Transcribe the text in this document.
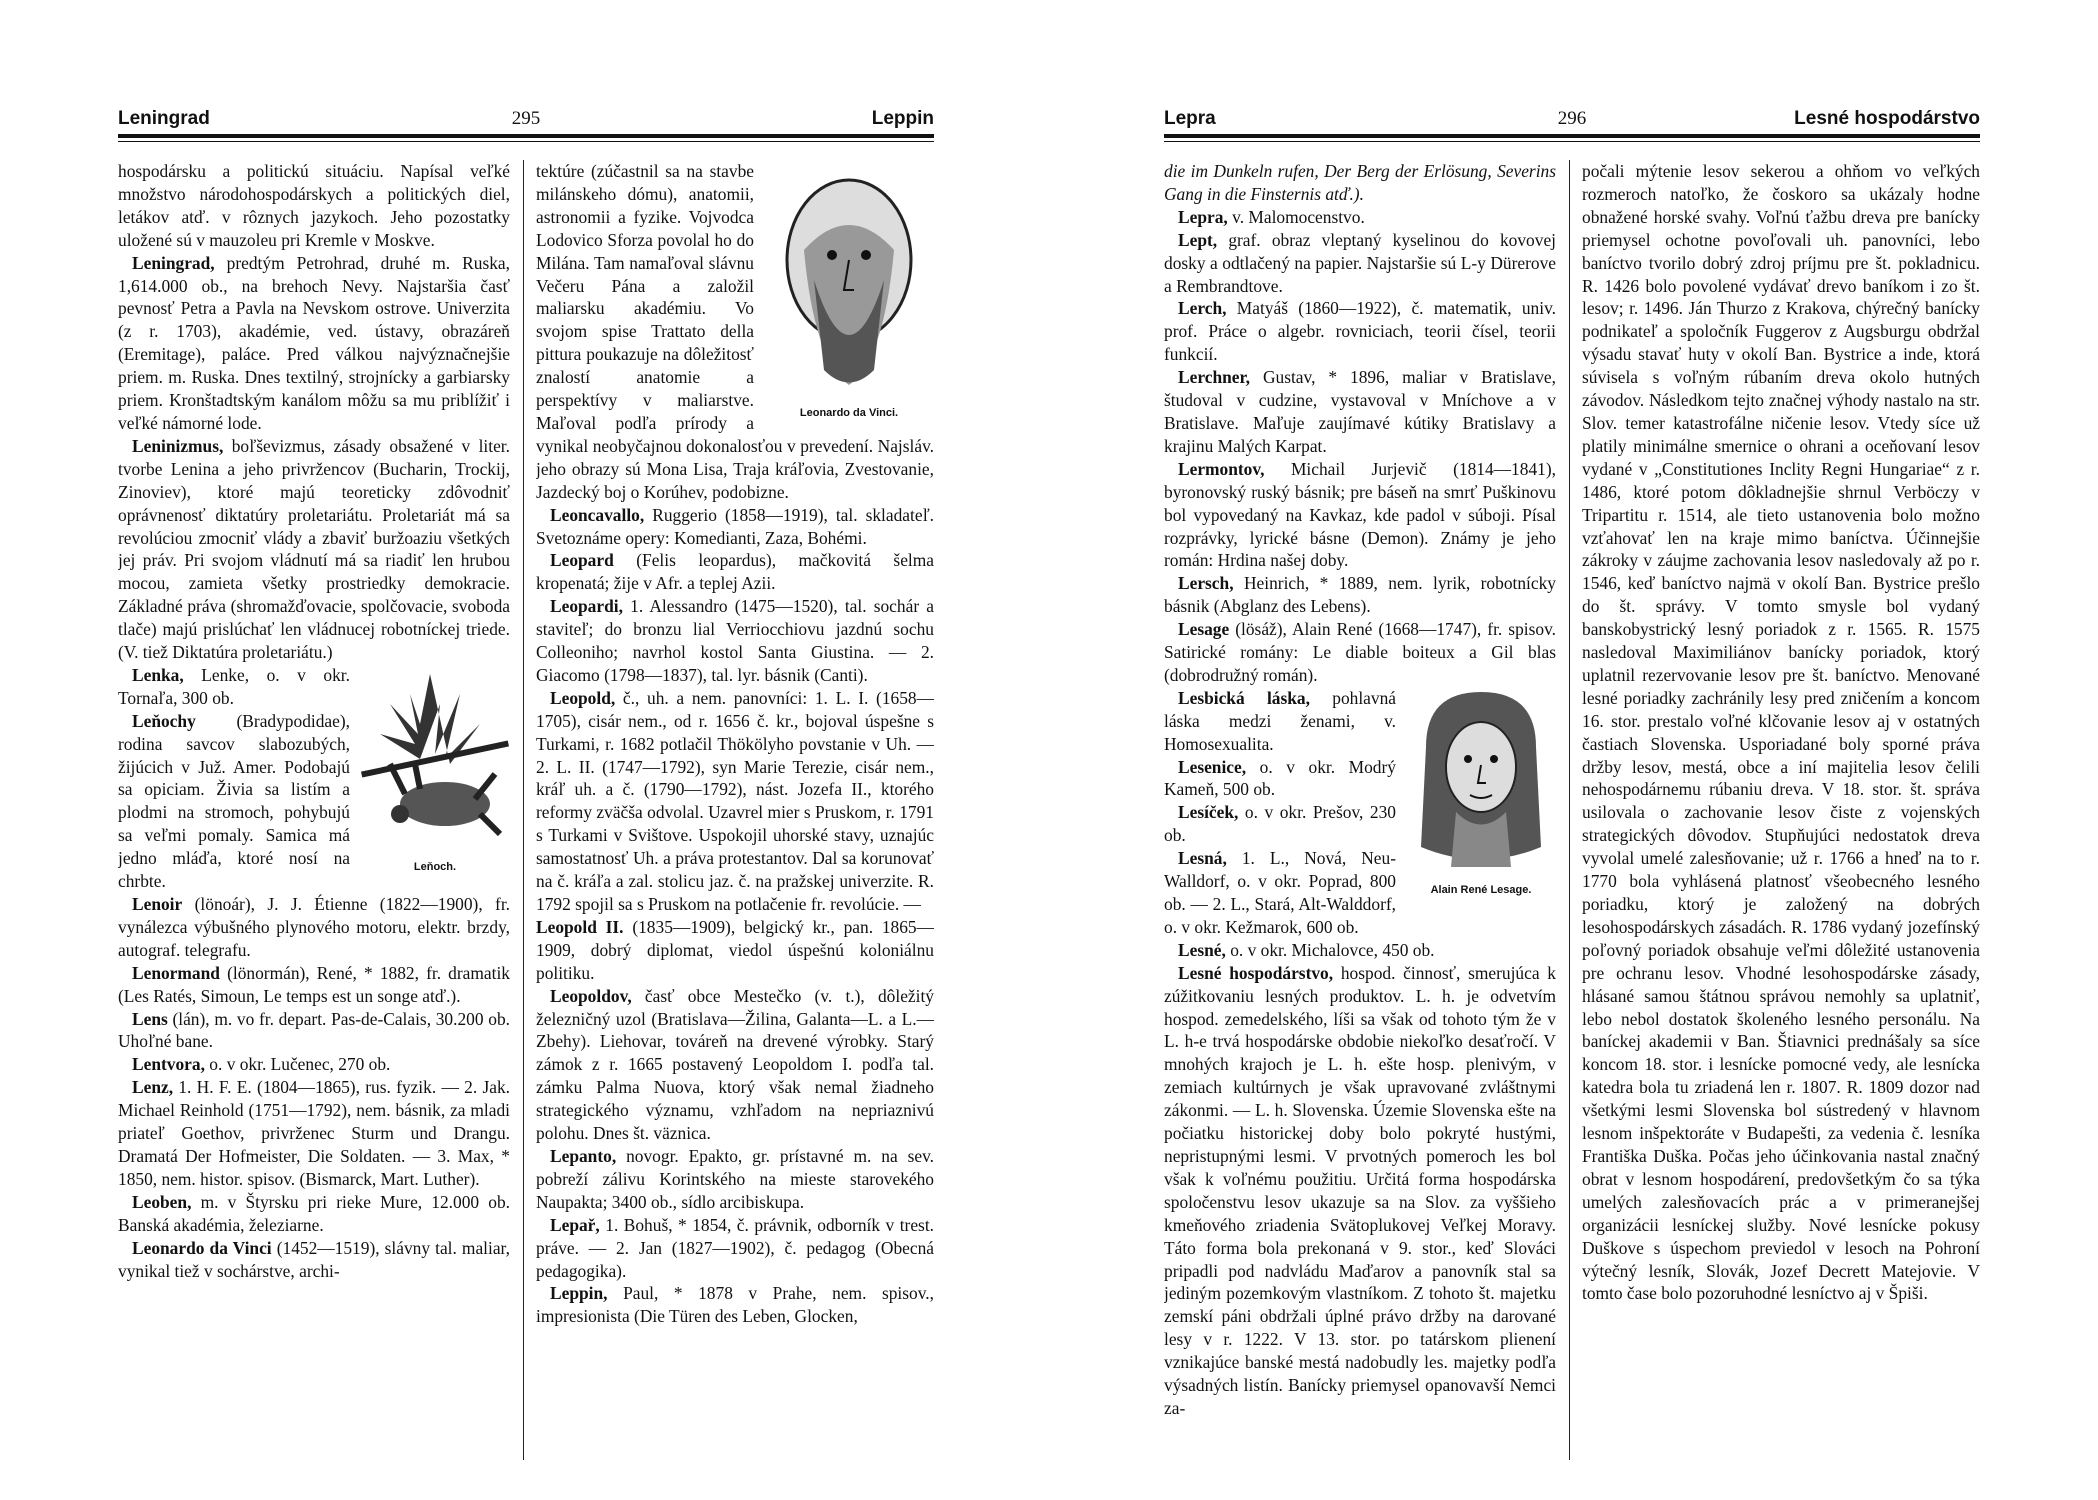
Leningrad	295	Leppin

hospodársku a politickú situáciu. Napísal veľké množstvo národohospodárskych a politických diel, letákov atď. v rôznych jazykoch. Jeho pozostatky uložené sú v mauzoleu pri Kremle v Moskve.

Leningrad, predtým Petrohrad, druhé m. Ruska, 1,614.000 ob., na brehoch Nevy. Najstaršia časť pevnosť Petra a Pavla na Nevskom ostrove. Univerzita (z r. 1703), akadémie, ved. ústavy, obrazáreň (Eremitage), paláce. Pred válkou najvýznačnejšie priem. m. Ruska. Dnes textilný, strojnícky a garbiarsky priem. Kronštadtským kanálom môžu sa mu priblížiť i veľké námorné lode.

Leninizmus, boľševizmus, zásady obsažené v liter. tvorbe Lenina a jeho privržencov (Bucharin, Trockij, Zinoviev), ktoré majú teoreticky zdôvodniť oprávnenosť diktatúry proletariátu. Proletariát má sa revolúciou zmocniť vlády a zbaviť buržoaziu všetkých jej práv. Pri svojom vládnutí má sa riadiť len hrubou mocou, zamieta všetky prostriedky demokracie. Základné práva (shromažďovacie, spolčovacie, svoboda tlače) majú prislúchať len vládnucej robotníckej triede. (V. tiež Diktatúra proletariátu.)

Leňoch.

Lenka, Lenke, o. v okr. Tornaľa, 300 ob.

Leňochy (Bradypodidae), rodina savcov slabozubých, žijúcich v Juž. Amer. Podobajú sa opiciam. Živia sa listím a plodmi na stromoch, pohybujú sa veľmi pomaly. Samica má jedno mláďa, ktoré nosí na chrbte.

Lenoir (lönoár), J. J. Étienne (1822—1900), fr. vynálezca výbušného plynového motoru, elektr. brzdy, autograf. telegrafu.

Lenormand (lönormán), René, * 1882, fr. dramatik (Les Ratés, Simoun, Le temps est un songe atď.).

Lens (lán), m. vo fr. depart. Pas-de-Calais, 30.200 ob. Uhoľné bane.

Lentvora, o. v okr. Lučenec, 270 ob.

Lenz, 1. H. F. E. (1804—1865), rus. fyzik. — 2. Jak. Michael Reinhold (1751—1792), nem. básnik, za mladi priateľ Goethov, privrženec Sturm und Drangu. Dramatá Der Hofmeister, Die Soldaten. — 3. Max, * 1850, nem. histor. spisov. (Bismarck, Mart. Luther).

Leoben, m. v Štyrsku pri rieke Mure, 12.000 ob. Banská akadémia, železiarne.

Leonardo da Vinci (1452—1519), slávny tal. maliar, vynikal tiež v sochárstve, archi-

Leonardo da Vinci.

tektúre (zúčastnil sa na stavbe milánskeho dómu), anatomii, astronomii a fyzike. Vojvodca Lodovico Sforza povolal ho do Milána. Tam namaľoval slávnu Večeru Pána a založil maliarsku akadémiu. Vo svojom spise Trattato della pittura poukazuje na dôležitosť znalostí anatomie a perspektívy v maliarstve. Maľoval podľa prírody a vynikal neobyčajnou dokonalosťou v prevedení. Najsláv. jeho obrazy sú Mona Lisa, Traja kráľovia, Zvestovanie, Jazdecký boj o Korúhev, podobizne.

Leoncavallo, Ruggerio (1858—1919), tal. skladateľ. Svetoznáme opery: Komedianti, Zaza, Bohémi.

Leopard (Felis leopardus), mačkovitá šelma kropenatá; žije v Afr. a teplej Azii.

Leopardi, 1. Alessandro (1475—1520), tal. sochár a staviteľ; do bronzu lial Verriocchiovu jazdnú sochu Colleoniho; navrhol kostol Santa Giustina. — 2. Giacomo (1798—1837), tal. lyr. básnik (Canti).

Leopold, č., uh. a nem. panovníci: 1. L. I. (1658—1705), cisár nem., od r. 1656 č. kr., bojoval úspešne s Turkami, r. 1682 potlačil Thökölyho povstanie v Uh. — 2. L. II. (1747—1792), syn Marie Terezie, cisár nem., kráľ uh. a č. (1790—1792), nást. Jozefa II., ktorého reformy zväčša odvolal. Uzavrel mier s Pruskom, r. 1791 s Turkami v Svištove. Uspokojil uhorské stavy, uznajúc samostatnosť Uh. a práva protestantov. Dal sa korunovať na č. kráľa a zal. stolicu jaz. č. na pražskej univerzite. R. 1792 spojil sa s Pruskom na potlačenie fr. revolúcie. —

Leopold II. (1835—1909), belgický kr., pan. 1865—1909, dobrý diplomat, viedol úspešnú koloniálnu politiku.

Leopoldov, časť obce Mestečko (v. t.), dôležitý železničný uzol (Bratislava—Žilina, Galanta—L. a L.—Zbehy). Liehovar, továreň na drevené výrobky. Starý zámok z r. 1665 postavený Leopoldom I. podľa tal. zámku Palma Nuova, ktorý však nemal žiadneho strategického významu, vzhľadom na nepriaznivú polohu. Dnes št. väznica.

Lepanto, novogr. Epakto, gr. prístavné m. na sev. pobreží zálivu Korintského na mieste starovekého Naupakta; 3400 ob., sídlo arcibiskupa.

Lepař, 1. Bohuš, * 1854, č. právnik, odborník v trest. práve. — 2. Jan (1827—1902), č. pedagog (Obecná pedagogika).

Leppin, Paul, * 1878 v Prahe, nem. spisov., impresionista (Die Türen des Leben, Glocken,

Lepra	296	Lesné hospodárstvo

die im Dunkeln rufen, Der Berg der Erlösung, Severins Gang in die Finsternis atď.).

Lepra, v. Malomocenstvo.

Lept, graf. obraz vleptaný kyselinou do kovovej dosky a odtlačený na papier. Najstaršie sú L-y Dürerove a Rembrandtove.

Lerch, Matyáš (1860—1922), č. matematik, univ. prof. Práce o algebr. rovniciach, teorii čísel, teorii funkcií.

Lerchner, Gustav, * 1896, maliar v Bratislave, študoval v cudzine, vystavoval v Mníchove a v Bratislave. Maľuje zaujímavé kútiky Bratislavy a krajinu Malých Karpat.

Lermontov, Michail Jurjevič (1814—1841), byronovský ruský básnik; pre báseň na smrť Puškinovu bol vypovedaný na Kavkaz, kde padol v súboji. Písal rozprávky, lyrické básne (Demon). Známy je jeho román: Hrdina našej doby.

Lersch, Heinrich, * 1889, nem. lyrik, robotnícky básnik (Abglanz des Lebens).

Lesage (lösáž), Alain René (1668—1747), fr. spisov. Satirické romány: Le diable boiteux a Gil blas (dobrodružný román).

Alain René Lesage.

Lesbická láska, pohlavná láska medzi ženami, v. Homosexualita.

Lesenice, o. v okr. Modrý Kameň, 500 ob.

Lesíček, o. v okr. Prešov, 230 ob.

Lesná, 1. L., Nová, Neu-Walldorf, o. v okr. Poprad, 800 ob. — 2. L., Stará, Alt-Walddorf, o. v okr. Kežmarok, 600 ob.

Lesné, o. v okr. Michalovce, 450 ob.

Lesné hospodárstvo, hospod. činnosť, smerujúca k zúžitkovaniu lesných produktov. L. h. je odvetvím hospod. zemedelského, líši sa však od tohoto tým že v L. h-e trvá hospodárske obdobie niekoľko desaťročí. V mnohých krajoch je L. h. ešte hosp. plenivým, v zemiach kultúrnych je však upravované zvláštnymi zákonmi. — L. h. Slovenska. Územie Slovenska ešte na počiatku historickej doby bolo pokryté hustými, nepristupnými lesmi. V prvotných pomeroch les bol však k voľnému použitiu. Určitá forma hospodárska spoločenstvu lesov ukazuje sa na Slov. za vyššieho kmeňového zriadenia Svätoplukovej Veľkej Moravy. Táto forma bola prekonaná v 9. stor., keď Slováci pripadli pod nadvládu Maďarov a panovník stal sa jediným pozemkovým vlastníkom. Z tohoto št. majetku zemskí páni obdržali úplné právo držby na darované lesy v r. 1222. V 13. stor. po tatárskom plienení vznikajúce banské mestá nadobudly les. majetky podľa výsadných listín. Banícky priemysel opanovavší Nemci za-

počali mýtenie lesov sekerou a ohňom vo veľkých rozmeroch natoľko, že čoskoro sa ukázaly hodne obnažené horské svahy. Voľnú ťažbu dreva pre banícky priemysel ochotne povoľovali uh. panovníci, lebo baníctvo tvorilo dobrý zdroj príjmu pre št. pokladnicu. R. 1426 bolo povolené vydávať drevo baníkom i zo št. lesov; r. 1496. Ján Thurzo z Krakova, chýrečný banícky podnikateľ a spoločník Fuggerov z Augsburgu obdržal výsadu stavať huty v okolí Ban. Bystrice a inde, ktorá súvisela s voľným rúbaním dreva okolo hutných závodov. Následkom tejto značnej výhody nastalo na str. Slov. temer katastrofálne ničenie lesov. Vtedy síce už platily minimálne smernice o ohrani a oceňovaní lesov vydané v „Constitutiones Inclity Regni Hungariae“ z r. 1486, ktoré potom dôkladnejšie shrnul Verböczy v Tripartitu r. 1514, ale tieto ustanovenia bolo možno vzťahovať len na kraje mimo baníctva. Účinnejšie zákroky v záujme zachovania lesov nasledovaly až po r. 1546, keď baníctvo najmä v okolí Ban. Bystrice prešlo do št. správy. V tomto smysle bol vydaný banskobystrický lesný poriadok z r. 1565. R. 1575 nasledoval Maximiliánov banícky poriadok, ktorý uplatnil rezervovanie lesov pre št. baníctvo. Menované lesné poriadky zachránily lesy pred zničením a koncom 16. stor. prestalo voľné klčovanie lesov aj v ostatných častiach Slovenska. Usporiadané boly sporné práva držby lesov, mestá, obce a iní majitelia lesov čelili nehospodárnemu rúbaniu dreva. V 18. stor. št. správa usilovala o zachovanie lesov čiste z vojenských strategických dôvodov. Stupňujúci nedostatok dreva vyvolal umelé zalesňovanie; už r. 1766 a hneď na to r. 1770 bola vyhlásená platnosť všeobecného lesného poriadku, ktorý je založený na dobrých lesohospodárskych zásadách. R. 1786 vydaný jozefínský poľovný poriadok obsahuje veľmi dôležité ustanovenia pre ochranu lesov. Vhodné lesohospodárske zásady, hlásané samou štátnou správou nemohly sa uplatniť, lebo nebol dostatok školeného lesného personálu. Na baníckej akademii v Ban. Štiavnici prednášaly sa síce koncom 18. stor. i lesnícke pomocné vedy, ale lesnícka katedra bola tu zriadená len r. 1807. R. 1809 dozor nad všetkými lesmi Slovenska bol sústredený v hlavnom lesnom inšpektoráte v Budapešti, za vedenia č. lesníka Františka Duška. Počas jeho účinkovania nastal značný obrat v lesnom hospodárení, predovšetkým čo sa týka umelých zalesňovacích prác a v primeranejšej organizácii lesníckej služby. Nové lesnícke pokusy Duškove s úspechom previedol v lesoch na Pohroní výtečný lesník, Slovák, Jozef Decrett Matejovie. V tomto čase bolo pozoruhodné lesníctvo aj v Špiši.
